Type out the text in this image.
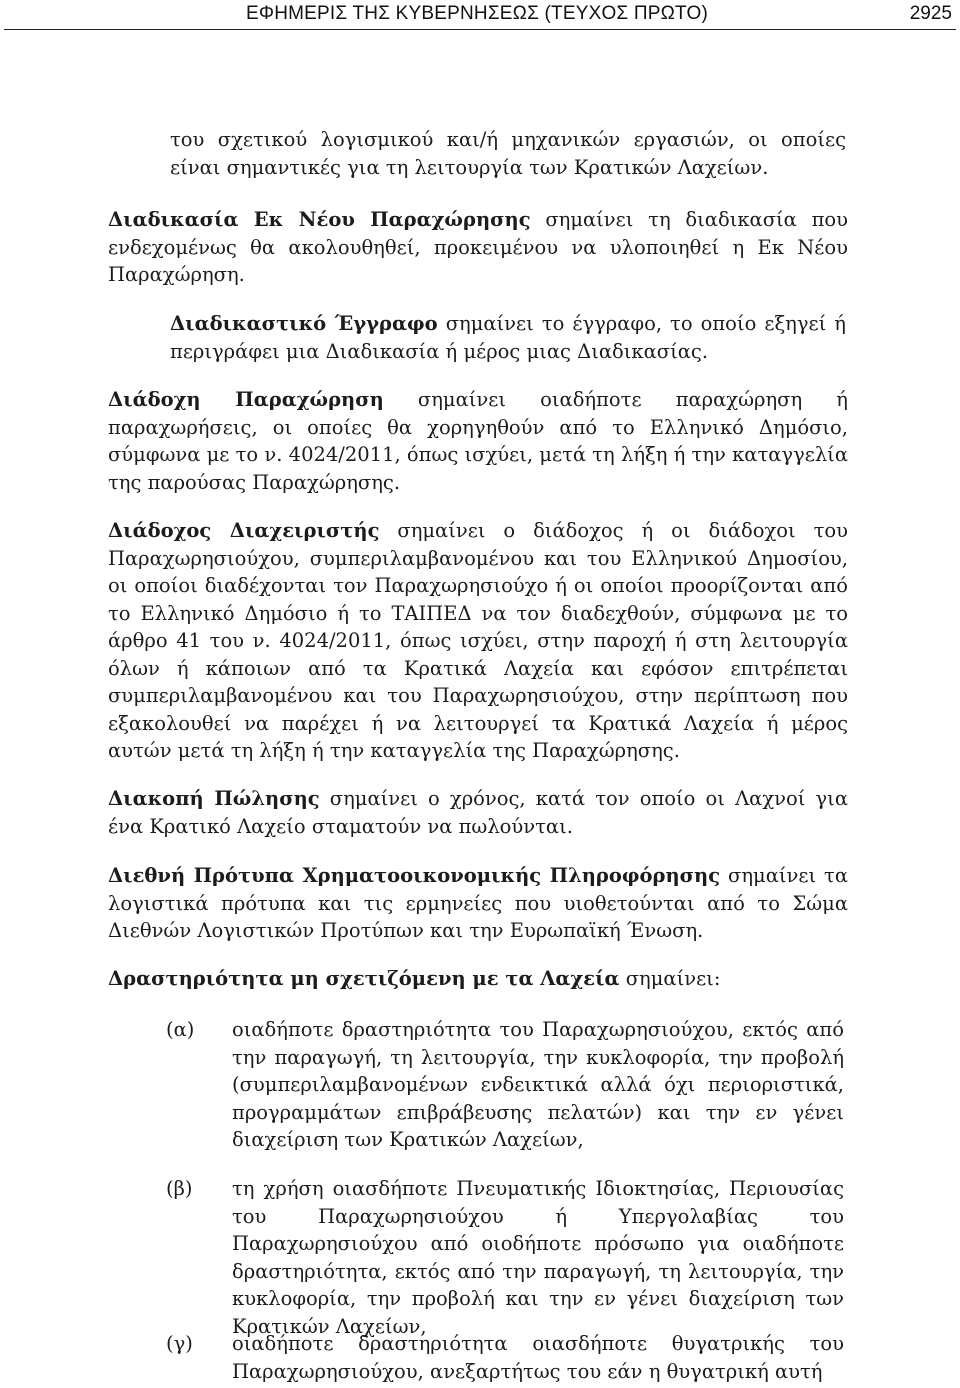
ΕΦΗΜΕΡΙΣ ΤΗΣ ΚΥΒΕΡΝΗΣΕΩΣ (ΤΕΥΧΟΣ ΠΡΩΤΟ)	2925

του σχετικού λογισμικού και/ή μηχανικών εργασιών, οι οποίες είναι σημαντικές για τη λειτουργία των Κρατικών Λαχείων.

Διαδικασία Εκ Νέου Παραχώρησης σημαίνει τη διαδικασία που ενδεχομένως θα ακολουθηθεί, προκειμένου να υλοποιηθεί η Εκ Νέου Παραχώρηση.

Διαδικαστικό Έγγραφο σημαίνει το έγγραφο, το οποίο εξηγεί ή περιγράφει μια Διαδικασία ή μέρος μιας Διαδικασίας.

Διάδοχη Παραχώρηση σημαίνει οιαδήποτε παραχώρηση ή παραχωρήσεις, οι οποίες θα χορηγηθούν από το Ελληνικό Δημόσιο, σύμφωνα με το ν. 4024/2011, όπως ισχύει, μετά τη λήξη ή την καταγγελία της παρούσας Παραχώρησης.

Διάδοχος Διαχειριστής σημαίνει ο διάδοχος ή οι διάδοχοι του Παραχωρησιούχου, συμπεριλαμβανομένου και του Ελληνικού Δημοσίου, οι οποίοι διαδέχονται τον Παραχωρησιούχο ή οι οποίοι προορίζονται από το Ελληνικό Δημόσιο ή το ΤΑΙΠΕΔ να τον διαδεχθούν, σύμφωνα με το άρθρο 41 του ν. 4024/2011, όπως ισχύει, στην παροχή ή στη λειτουργία όλων ή κάποιων από τα Κρατικά Λαχεία και εφόσον επιτρέπεται συμπεριλαμβανομένου και του Παραχωρησιούχου, στην περίπτωση που εξακολουθεί να παρέχει ή να λειτουργεί τα Κρατικά Λαχεία ή μέρος αυτών μετά τη λήξη ή την καταγγελία της Παραχώρησης.

Διακοπή Πώλησης σημαίνει ο χρόνος, κατά τον οποίο οι Λαχνοί για ένα Κρατικό Λαχείο σταματούν να πωλούνται.

Διεθνή Πρότυπα Χρηματοοικονομικής Πληροφόρησης σημαίνει τα λογιστικά πρότυπα και τις ερμηνείες που υιοθετούνται από το Σώμα Διεθνών Λογιστικών Προτύπων και την Ευρωπαϊκή Ένωση.

Δραστηριότητα μη σχετιζόμενη με τα Λαχεία σημαίνει:

(α)	οιαδήποτε δραστηριότητα του Παραχωρησιούχου, εκτός από την παραγωγή, τη λειτουργία, την κυκλοφορία, την προβολή (συμπεριλαμβανομένων ενδεικτικά αλλά όχι περιοριστικά, προγραμμάτων επιβράβευσης πελατών) και την εν γένει διαχείριση των Κρατικών Λαχείων,
(β)	τη χρήση οιασδήποτε Πνευματικής Ιδιοκτησίας, Περιουσίας του Παραχωρησιούχου ή Υπεργολαβίας του Παραχωρησιούχου από οιοδήποτε πρόσωπο για οιαδήποτε δραστηριότητα, εκτός από την παραγωγή, τη λειτουργία, την κυκλοφορία, την προβολή και την εν γένει διαχείριση των Κρατικών Λαχείων,
(γ)	οιαδήποτε δραστηριότητα οιασδήποτε θυγατρικής του Παραχωρησιούχου, ανεξαρτήτως του εάν η θυγατρική αυτή
